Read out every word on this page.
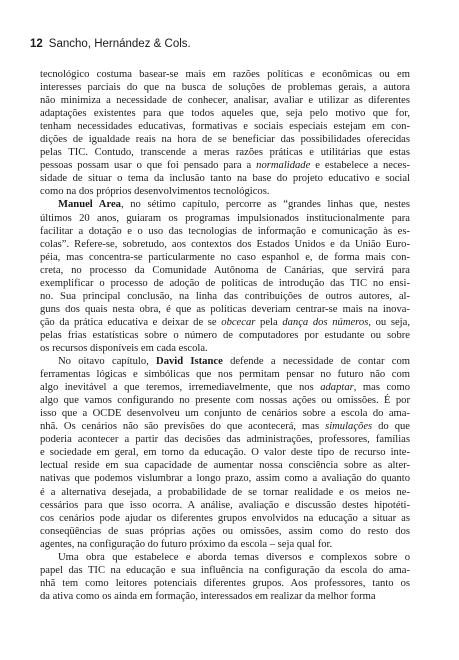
12 Sancho, Hernández & Cols.
tecnológico costuma basear-se mais em razões políticas e econômicas ou em
interesses parciais do que na busca de soluções de problemas gerais, a autora
não minimiza a necessidade de conhecer, analisar, avaliar e utilizar as diferentes
adaptações existentes para que todos aqueles que, seja pelo motivo que for,
tenham necessidades educativas, formativas e sociais especiais estejam em con-
dições de igualdade reais na hora de se beneficiar das possibilidades oferecidas
pelas TIC. Contudo, transcende a meras razões práticas e utilitárias que estas
pessoas possam usar o que foi pensado para a normalidade e estabelece a neces-
sidade de situar o tema da inclusão tanto na base do projeto educativo e social
como na dos próprios desenvolvimentos tecnológicos.
Manuel Area, no sétimo capítulo, percorre as “grandes linhas que, nestes
últimos 20 anos, guiaram os programas impulsionados institucionalmente para
facilitar a dotação e o uso das tecnologias de informação e comunicação às es-
colas”. Refere-se, sobretudo, aos contextos dos Estados Unidos e da União Euro-
péia, mas concentra-se particularmente no caso espanhol e, de forma mais con-
creta, no processo da Comunidade Autônoma de Canárias, que servirá para
exemplificar o processo de adoção de políticas de introdução das TIC no ensi-
no. Sua principal conclusão, na linha das contribuições de outros autores, al-
guns dos quais nesta obra, é que as políticas deveriam centrar-se mais na inova-
ção da prática educativa e deixar de se obcecar pela dança dos números, ou seja,
pelas frias estatísticas sobre o número de computadores por estudante ou sobre
os recursos disponíveis em cada escola.
No oitavo capítulo, David Istance defende a necessidade de contar com
ferramentas lógicas e simbólicas que nos permitam pensar no futuro não com
algo inevitável a que teremos, irremediavelmente, que nos adaptar, mas como
algo que vamos configurando no presente com nossas ações ou omissões. É por
isso que a OCDE desenvolveu um conjunto de cenários sobre a escola do ama-
nhã. Os cenários não são previsões do que acontecerá, mas simulações do que
poderia acontecer a partir das decisões das administrações, professores, famílias
e sociedade em geral, em torno da educação. O valor deste tipo de recurso inte-
lectual reside em sua capacidade de aumentar nossa consciência sobre as alter-
nativas que podemos vislumbrar a longo prazo, assim como a avaliação do quanto
é a alternativa desejada, a probabilidade de se tornar realidade e os meios ne-
cessários para que isso ocorra. A análise, avaliação e discussão destes hipotéti-
cos cenários pode ajudar os diferentes grupos envolvidos na educação a situar as
conseqüências de suas próprias ações ou omissões, assim como do resto dos
agentes, na configuração do futuro próximo da escola – seja qual for.
Uma obra que estabelece e aborda temas diversos e complexos sobre o
papel das TIC na educação e sua influência na configuração da escola do ama-
nhã tem como leitores potenciais diferentes grupos. Aos professores, tanto os
da ativa como os ainda em formação, interessados em realizar da melhor forma
